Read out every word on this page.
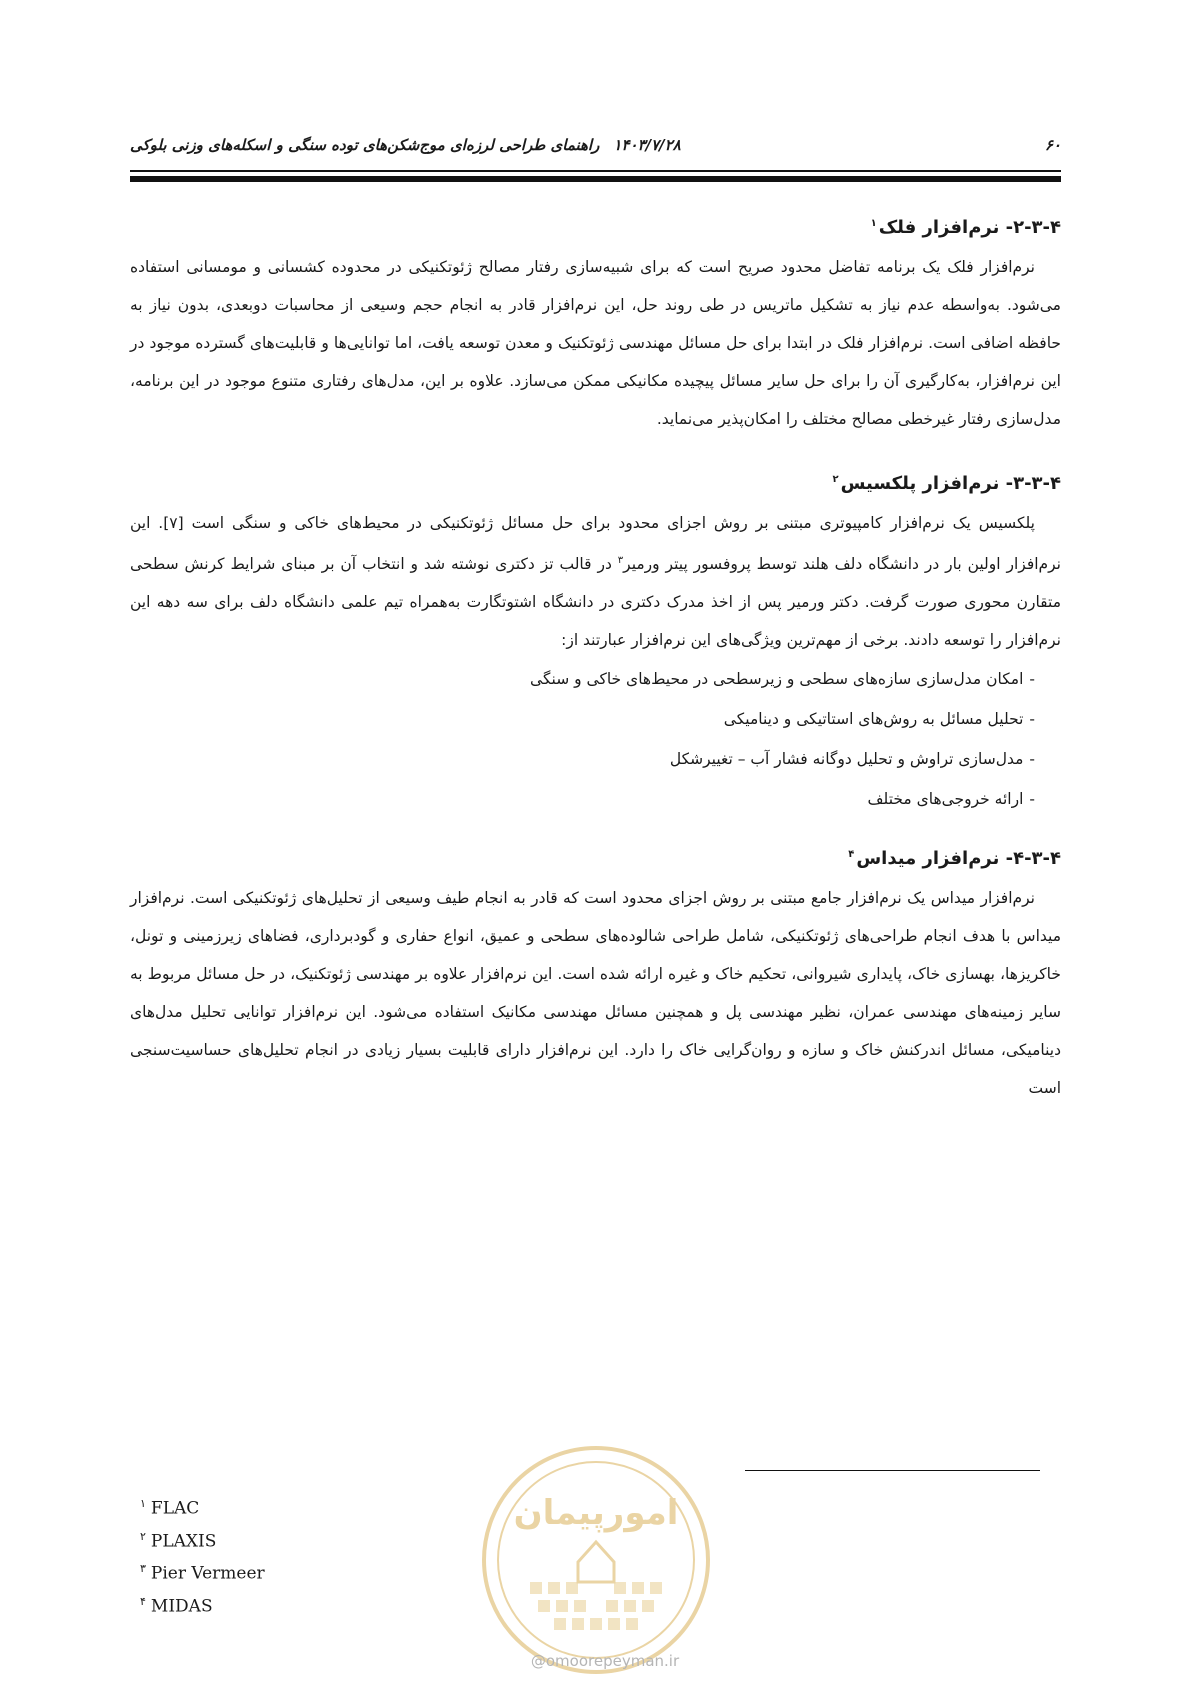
۶۰
۱۴۰۳/۷/۲۸
راهنمای طراحی لرزه‌ای موج‌شکن‌های توده سنگی و اسکله‌های وزنی بلوکی
۲-۳-۴- نرم‌افزار فلک$^۱$

نرم‌افزار فلک یک برنامه تفاضل محدود صریح است که برای شبیه‌سازی رفتار مصالح ژئوتکنیکی در محدوده کشسانی و مومسانی استفاده می‌شود. به‌واسطه عدم نیاز به تشکیل ماتریس در طی روند حل، این نرم‌افزار قادر به انجام حجم وسیعی از محاسبات دوبعدی، بدون نیاز به حافظه اضافی است. نرم‌افزار فلک در ابتدا برای حل مسائل مهندسی ژئوتکنیک و معدن توسعه یافت، اما توانایی‌ها و قابلیت‌های گسترده موجود در این نرم‌افزار، به‌کارگیری آن را برای حل سایر مسائل پیچیده مکانیکی ممکن می‌سازد. علاوه بر این، مدل‌های رفتاری متنوع موجود در این برنامه، مدل‌سازی رفتار غیرخطی مصالح مختلف را امکان‌پذیر می‌نماید.

۳-۳-۴- نرم‌افزار پلکسیس$^۲$

پلکسیس یک نرم‌افزار کامپیوتری مبتنی بر روش اجزای محدود برای حل مسائل ژئوتکنیکی در محیط‌های خاکی و سنگی است [۷]. این نرم‌افزار اولین بار در دانشگاه دلف هلند توسط پروفسور پیتر ورمیر$^۳$ در قالب تز دکتری نوشته شد و انتخاب آن بر مبنای شرایط کرنش سطحی متقارن محوری صورت گرفت. دکتر ورمیر پس از اخذ مدرک دکتری در دانشگاه اشتوتگارت به‌همراه تیم علمی دانشگاه دلف برای سه دهه این نرم‌افزار را توسعه دادند. برخی از مهم‌ترین ویژگی‌های این نرم‌افزار عبارتند از:

-امکان مدل‌سازی سازه‌های سطحی و زیرسطحی در محیط‌های خاکی و سنگی
-تحلیل مسائل به روش‌های استاتیکی و دینامیکی
-مدل‌سازی تراوش و تحلیل دوگانه فشار آب – تغییرشکل
-ارائه خروجی‌های مختلف
۴-۳-۴- نرم‌افزار میداس$^۴$

نرم‌افزار میداس یک نرم‌افزار جامع مبتنی بر روش اجزای محدود است که قادر به انجام طیف وسیعی از تحلیل‌های ژئوتکنیکی است. نرم‌افزار میداس با هدف انجام طراحی‌های ژئوتکنیکی، شامل طراحی شالوده‌های سطحی و عمیق، انواع حفاری و گودبرداری، فضاهای زیرزمینی و تونل، خاکریزها، بهسازی خاک، پایداری شیروانی، تحکیم خاک و غیره ارائه شده است. این نرم‌افزار علاوه بر مهندسی ژئوتکنیک، در حل مسائل مربوط به سایر زمینه‌های مهندسی عمران، نظیر مهندسی پل و همچنین مسائل مهندسی مکانیک استفاده می‌شود. این نرم‌افزار توانایی تحلیل مدل‌های دینامیکی، مسائل اندرکنش خاک و سازه و روان‌گرایی خاک را دارد. این نرم‌افزار دارای قابلیت بسیار زیادی در انجام تحلیل‌های حساسیت‌سنجی است

$^۱$ FLAC
$^۲$ PLAXIS
$^۳$ Pier Vermeer
$^۴$ MIDAS
امورپیمان
@omoorepeyman.ir
